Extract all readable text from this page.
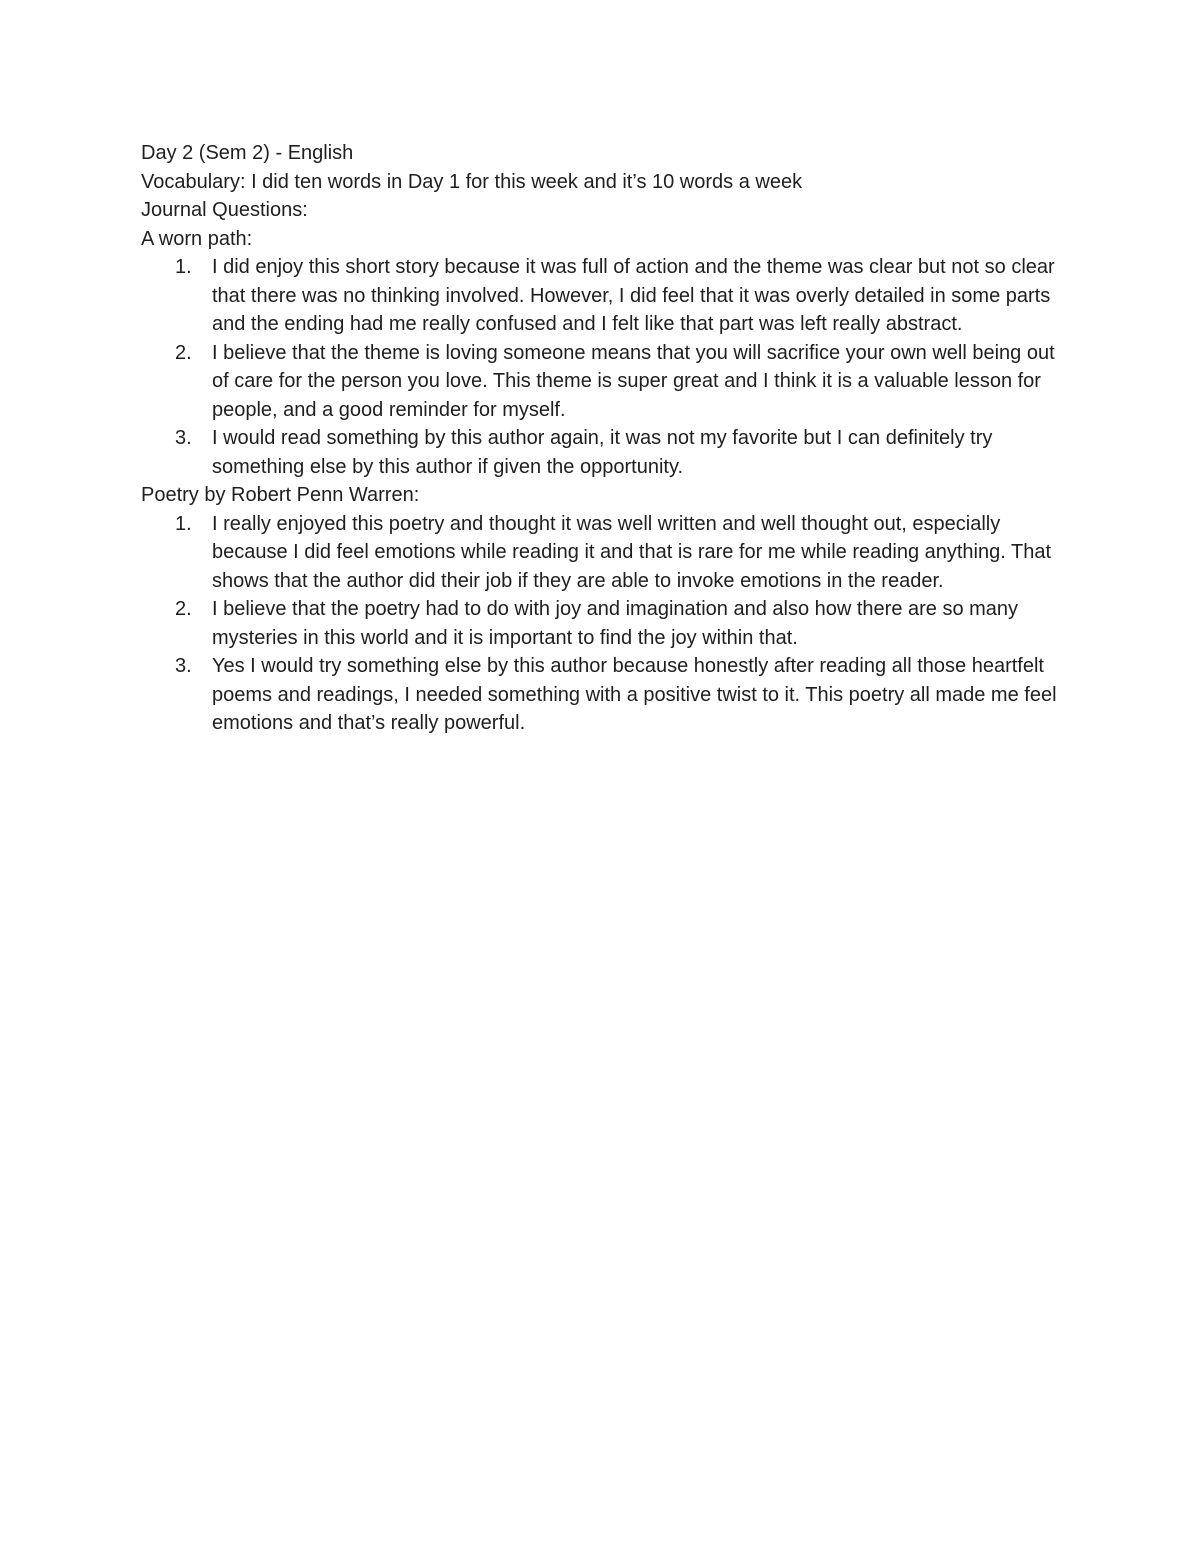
Day 2 (Sem 2) - English

Vocabulary: I did ten words in Day 1 for this week and it’s 10 words a week

Journal Questions:

A worn path:

1.	I did enjoy this short story because it was full of action and the theme was clear but not so clear that there was no thinking involved. However, I did feel that it was overly detailed in some parts and the ending had me really confused and I felt like that part was left really abstract.
2.	I believe that the theme is loving someone means that you will sacrifice your own well being out of care for the person you love. This theme is super great and I think it is a valuable lesson for people, and a good reminder for myself.
3.	I would read something by this author again, it was not my favorite but I can definitely try something else by this author if given the opportunity.

Poetry by Robert Penn Warren:

1.	I really enjoyed this poetry and thought it was well written and well thought out, especially because I did feel emotions while reading it and that is rare for me while reading anything. That shows that the author did their job if they are able to invoke emotions in the reader.
2.	I believe that the poetry had to do with joy and imagination and also how there are so many mysteries in this world and it is important to find the joy within that.
3.	Yes I would try something else by this author because honestly after reading all those heartfelt poems and readings, I needed something with a positive twist to it. This poetry all made me feel emotions and that’s really powerful.
